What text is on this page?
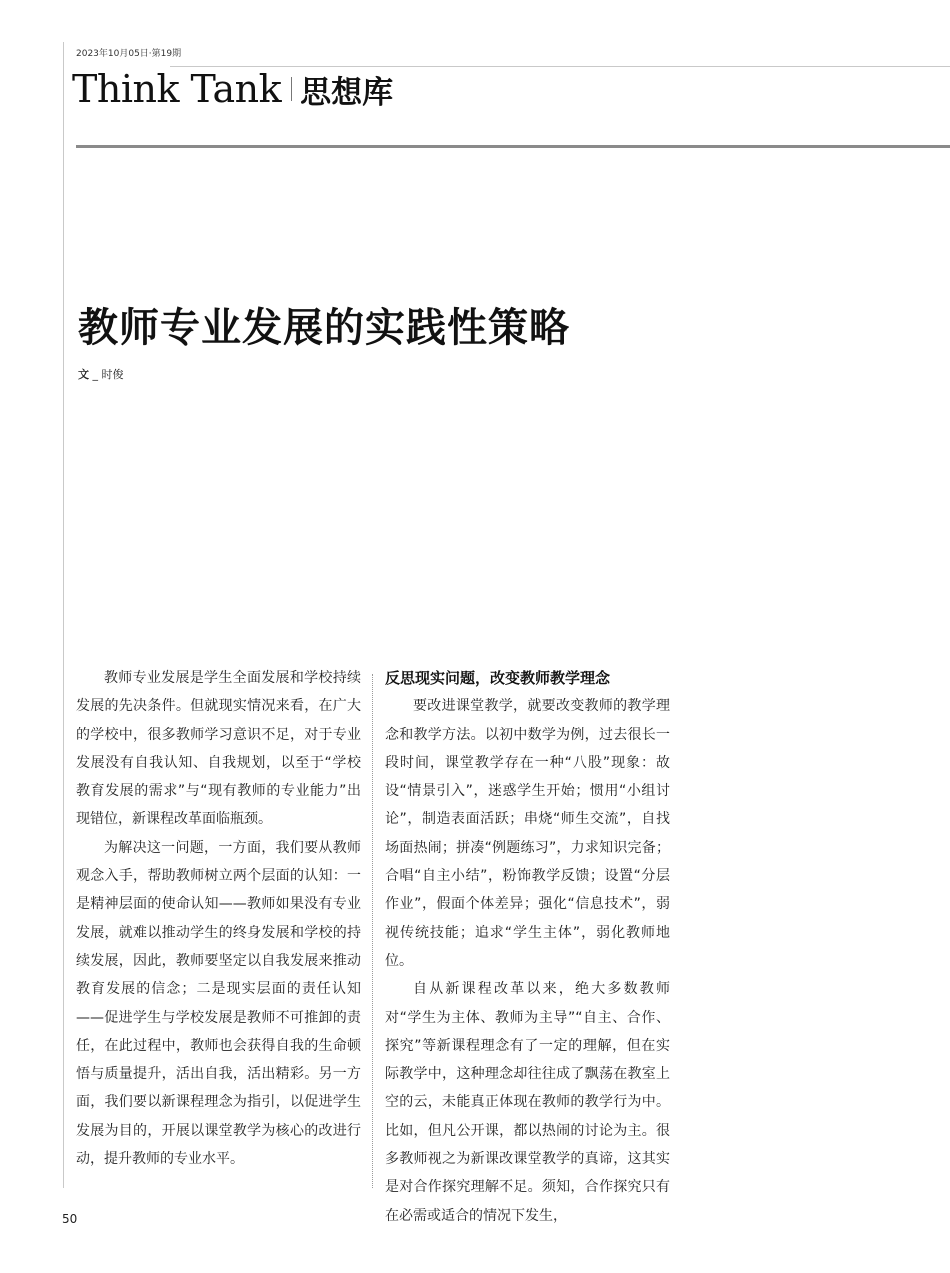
2023年10月05日·第19期
Think Tank 思想库
教师专业发展的实践性策略
文 _ 时俊

教师专业发展是学生全面发展和学校持续发展的先决条件。但就现实情况来看，在广大的学校中，很多教师学习意识不足，对于专业发展没有自我认知、自我规划，以至于“学校教育发展的需求”与“现有教师的专业能力”出现错位，新课程改革面临瓶颈。

为解决这一问题，一方面，我们要从教师观念入手，帮助教师树立两个层面的认知：一是精神层面的使命认知——教师如果没有专业发展，就难以推动学生的终身发展和学校的持续发展，因此，教师要坚定以自我发展来推动教育发展的信念；二是现实层面的责任认知——促进学生与学校发展是教师不可推卸的责任，在此过程中，教师也会获得自我的生命顿悟与质量提升，活出自我，活出精彩。另一方面，我们要以新课程理念为指引，以促进学生发展为目的，开展以课堂教学为核心的改进行动，提升教师的专业水平。

反思现实问题，改变教师教学理念

要改进课堂教学，就要改变教师的教学理念和教学方法。以初中数学为例，过去很长一段时间，课堂教学存在一种“八股”现象：故设“情景引入”，迷惑学生开始；惯用“小组讨论”，制造表面活跃；串烧“师生交流”，自找场面热闹；拼凑“例题练习”，力求知识完备；合唱“自主小结”，粉饰教学反馈；设置“分层作业”，假面个体差异；强化“信息技术”，弱视传统技能；追求“学生主体”，弱化教师地位。

自从新课程改革以来，绝大多数教师对“学生为主体、教师为主导”“自主、合作、探究”等新课程理念有了一定的理解，但在实际教学中，这种理念却往往成了飘荡在教室上空的云，未能真正体现在教师的教学行为中。比如，但凡公开课，都以热闹的讨论为主。很多教师视之为新课改课堂教学的真谛，这其实是对合作探究理解不足。须知，合作探究只有在必需或适合的情况下发生，

50
